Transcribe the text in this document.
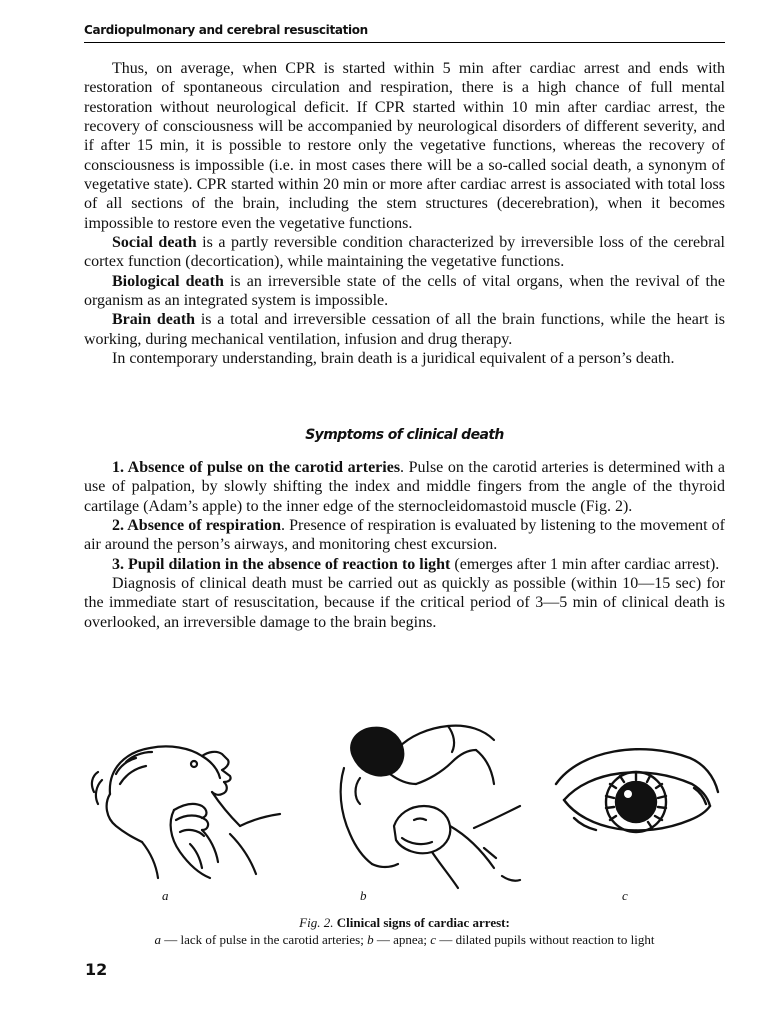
Cardiopulmonary and cerebral resuscitation

Thus, on average, when CPR is started within 5 min after cardiac arrest and ends with restoration of spontaneous circulation and respiration, there is a high chance of full mental restoration without neurological deficit. If CPR started within 10 min after cardiac arrest, the recovery of consciousness will be accompanied by neurological disorders of different severity, and if after 15 min, it is possible to restore only the vegetative functions, whereas the recovery of consciousness is impossible (i.e. in most cases there will be a so-called social death, a synonym of vegetative state). CPR started within 20 min or more after cardiac arrest is associated with total loss of all sections of the brain, including the stem structures (decerebration), when it becomes impossible to restore even the vegetative functions.

Social death is a partly reversible condition characterized by irreversible loss of the cerebral cortex function (decortication), while maintaining the vegetative functions.

Biological death is an irreversible state of the cells of vital organs, when the revival of the organism as an integrated system is impossible.

Brain death is a total and irreversible cessation of all the brain functions, while the heart is working, during mechanical ventilation, infusion and drug therapy.

In contemporary understanding, brain death is a juridical equivalent of a person’s death.

Symptoms of clinical death

1. Absence of pulse on the carotid arteries. Pulse on the carotid arteries is determined with a use of palpation, by slowly shifting the index and middle fingers from the angle of the thyroid cartilage (Adam’s apple) to the inner edge of the sternocleidomastoid muscle (Fig. 2).

2. Absence of respiration. Presence of respiration is evaluated by listening to the movement of air around the person’s airways, and monitoring chest excursion.

3. Pupil dilation in the absence of reaction to light (emerges after 1 min after cardiac arrest).

Diagnosis of clinical death must be carried out as quickly as possible (within 10—15 sec) for the immediate start of resuscitation, because if the critical period of 3—5 min of clinical death is overlooked, an irreversible damage to the brain begins.

a	b	c
Fig. 2. Clinical signs of cardiac arrest:
a — lack of pulse in the carotid arteries; b — apnea; c — dilated pupils without reaction to light
12
